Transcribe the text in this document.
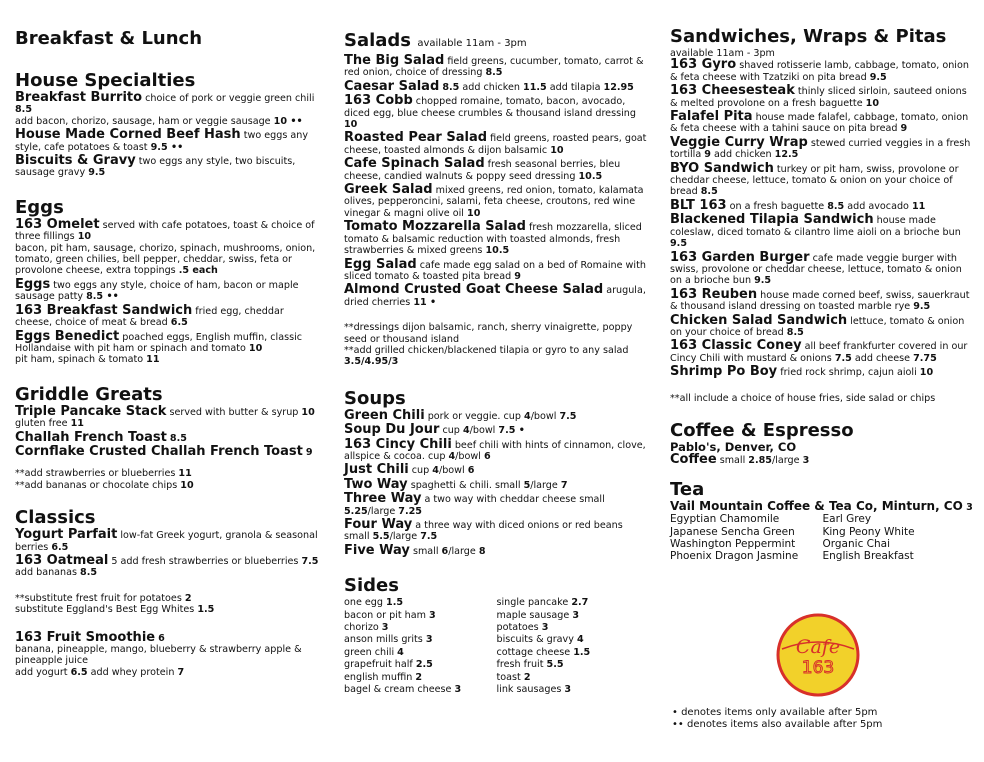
Breakfast & Lunch
House Specialties
Breakfast Burrito choice of pork or veggie green chili 8.5
add bacon, chorizo, sausage, ham or veggie sausage 10 ••
House Made Corned Beef Hash two eggs any style, cafe potatoes & toast 9.5 ••
Biscuits & Gravy two eggs any style, two biscuits, sausage gravy 9.5
Eggs
163 Omelet served with cafe potatoes, toast & choice of three fillings 10
bacon, pit ham, sausage, chorizo, spinach, mushrooms, onion, tomato, green chilies, bell pepper, cheddar, swiss, feta or provolone cheese, extra toppings .5 each
Eggs two eggs any style, choice of ham, bacon or maple sausage patty 8.5 ••
163 Breakfast Sandwich fried egg, cheddar cheese, choice of meat & bread 6.5
Eggs Benedict poached eggs, English muffin, classic Hollandaise with pit ham or spinach and tomato 10
pit ham, spinach & tomato 11
Griddle Greats
Triple Pancake Stack served with butter & syrup 10
gluten free 11
Challah French Toast 8.5
Cornflake Crusted Challah French Toast 9
**add strawberries or blueberries 11
**add bananas or chocolate chips 10
Classics
Yogurt Parfait low-fat Greek yogurt, granola & seasonal berries 6.5
163 Oatmeal 5 add fresh strawberries or blueberries 7.5
add bananas 8.5
**substitute frest fruit for potatoes 2
substitute Eggland's Best Egg Whites 1.5
163 Fruit Smoothie 6
banana, pineapple, mango, blueberry & strawberry apple & pineapple juice
add yogurt 6.5 add whey protein 7
Salads available 11am - 3pm
The Big Salad field greens, cucumber, tomato, carrot & red onion, choice of dressing 8.5
Caesar Salad 8.5 add chicken 11.5 add tilapia 12.95
163 Cobb chopped romaine, tomato, bacon, avocado, diced egg, blue cheese crumbles & thousand island dressing 10
Roasted Pear Salad field greens, roasted pears, goat cheese, toasted almonds & dijon balsamic 10
Cafe Spinach Salad fresh seasonal berries, bleu cheese, candied walnuts & poppy seed dressing 10.5
Greek Salad mixed greens, red onion, tomato, kalamata olives, pepperoncini, salami, feta cheese, croutons, red wine vinegar & magni olive oil 10
Tomato Mozzarella Salad fresh mozzarella, sliced tomato & balsamic reduction with toasted almonds, fresh strawberries & mixed greens 10.5
Egg Salad cafe made egg salad on a bed of Romaine with sliced tomato & toasted pita bread 9
Almond Crusted Goat Cheese Salad arugula, dried cherries 11 •
**dressings dijon balsamic, ranch, sherry vinaigrette, poppy seed or thousand island
**add grilled chicken/blackened tilapia or gyro to any salad 3.5/4.95/3
Soups
Green Chili pork or veggie. cup 4/bowl 7.5
Soup Du Jour cup 4/bowl 7.5 •
163 Cincy Chili beef chili with hints of cinnamon, clove, allspice & cocoa. cup 4/bowl 6
Just Chili cup 4/bowl 6
Two Way spaghetti & chili. small 5/large 7
Three Way a two way with cheddar cheese small 5.25/large 7.25
Four Way a three way with diced onions or red beans small 5.5/large 7.5
Five Way small 6/large 8
Sides
one egg 1.5
bacon or pit ham 3
chorizo 3
anson mills grits 3
green chili 4
grapefruit half 2.5
english muffin 2
bagel & cream cheese 3
single pancake 2.7
maple sausage 3
potatoes 3
biscuits & gravy 4
cottage cheese 1.5
fresh fruit 5.5
toast 2
link sausages 3
Sandwiches, Wraps & Pitas
available 11am - 3pm
163 Gyro shaved rotisserie lamb, cabbage, tomato, onion & feta cheese with Tzatziki on pita bread 9.5
163 Cheesesteak thinly sliced sirloin, sauteed onions & melted provolone on a fresh baguette 10
Falafel Pita house made falafel, cabbage, tomato, onion & feta cheese with a tahini sauce on pita bread 9
Veggie Curry Wrap stewed curried veggies in a fresh tortilla 9 add chicken 12.5
BYO Sandwich turkey or pit ham, swiss, provolone or cheddar cheese, lettuce, tomato & onion on your choice of bread 8.5
BLT 163 on a fresh baguette 8.5 add avocado 11
Blackened Tilapia Sandwich house made coleslaw, diced tomato & cilantro lime aioli on a brioche bun 9.5
163 Garden Burger cafe made veggie burger with swiss, provolone or cheddar cheese, lettuce, tomato & onion on a brioche bun 9.5
163 Reuben house made corned beef, swiss, sauerkraut & thousand island dressing on toasted marble rye 9.5
Chicken Salad Sandwich lettuce, tomato & onion on your choice of bread 8.5
163 Classic Coney all beef frankfurter covered in our Cincy Chili with mustard & onions 7.5 add cheese 7.75
Shrimp Po Boy fried rock shrimp, cajun aioli 10
**all include a choice of house fries, side salad or chips
Coffee & Espresso
Pablo's, Denver, CO
Coffee small 2.85/large 3
Tea
Vail Mountain Coffee & Tea Co, Minturn, CO 3
Egyptian Chamomile
Japanese Sencha Green
Washington Peppermint
Phoenix Dragon Jasmine
Earl Grey
King Peony White
Organic Chai
English Breakfast
Cafe
163
• denotes items only available after 5pm
•• denotes items also available after 5pm
